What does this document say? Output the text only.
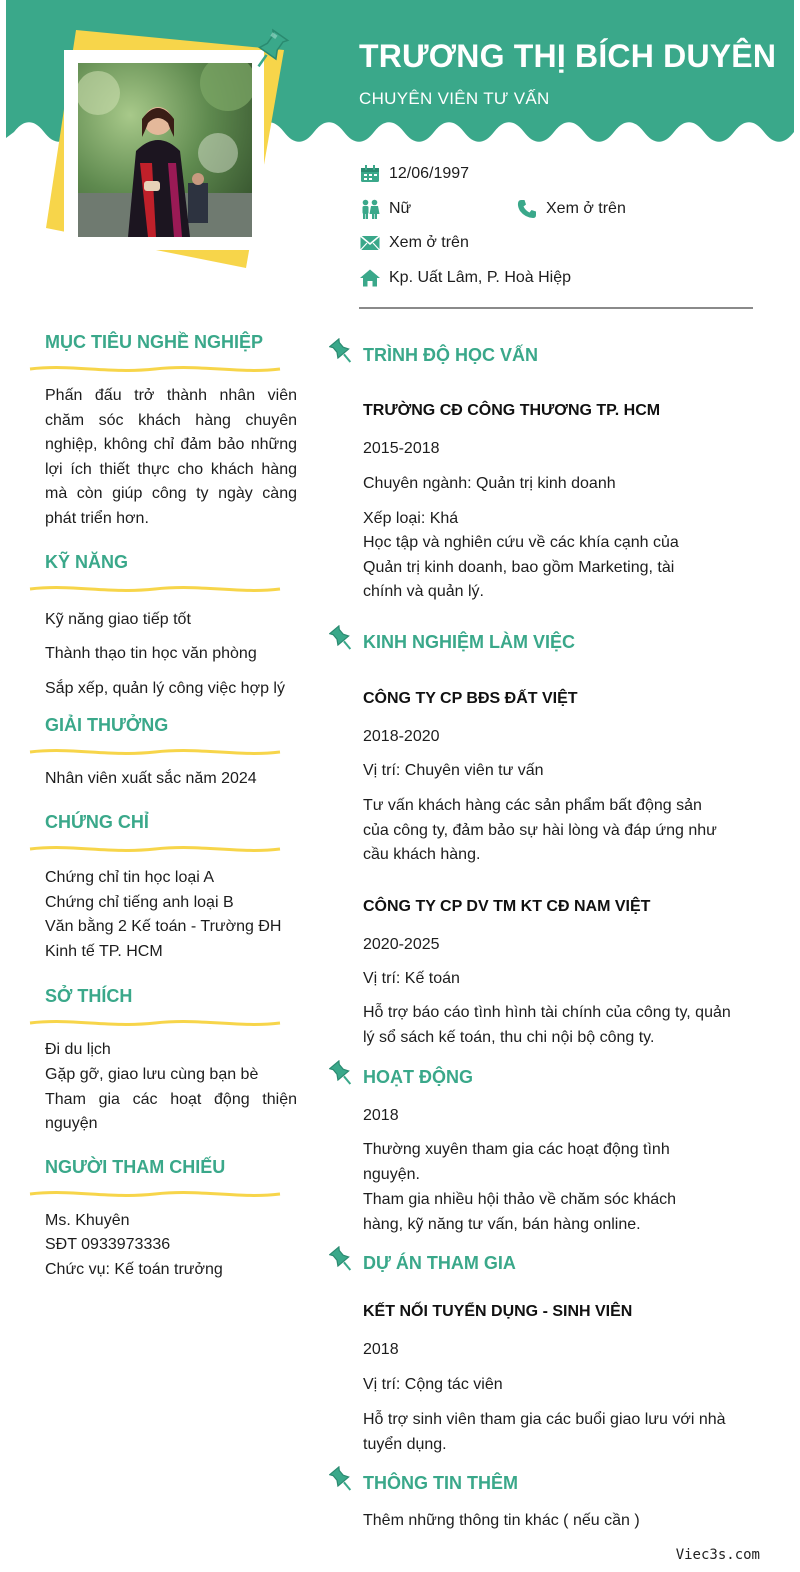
TRƯƠNG THỊ BÍCH DUYÊN
CHUYÊN VIÊN TƯ VẤN
12/06/1997
Nữ	Xem ở trên
Xem ở trên
Kp. Uất Lâm, P. Hoà Hiệp
MỤC TIÊU NGHỀ NGHIỆP

Phấn đấu trở thành nhân viên chăm sóc khách hàng chuyên nghiệp, không chỉ đảm bảo những lợi ích thiết thực cho khách hàng mà còn giúp công ty ngày càng phát triển hơn.

KỸ NĂNG
Kỹ năng giao tiếp tốt
Thành thạo tin học văn phòng
Sắp xếp, quản lý công việc hợp lý
GIẢI THƯỞNG
Nhân viên xuất sắc năm 2024
CHỨNG CHỈ
Chứng chỉ tin học loại A
Chứng chỉ tiếng anh loại B
Văn bằng 2 Kế toán - Trường ĐH Kinh tế TP. HCM
SỞ THÍCH
Đi du lịch
Gặp gỡ, giao lưu cùng bạn bè
Tham gia các hoạt động thiện nguyện
NGƯỜI THAM CHIẾU
Ms. Khuyên
SĐT 0933973336
Chức vụ: Kế toán trưởng
TRÌNH ĐỘ HỌC VẤN
TRƯỜNG CĐ CÔNG THƯƠNG TP. HCM
2015-2018
Chuyên ngành: Quản trị kinh doanh
Xếp loại: Khá
Học tập và nghiên cứu về các khía cạnh của Quản trị kinh doanh, bao gồm Marketing, tài chính và quản lý.
KINH NGHIỆM LÀM VIỆC
CÔNG TY CP BĐS ĐẤT VIỆT
2018-2020
Vị trí: Chuyên viên tư vấn
Tư vấn khách hàng các sản phẩm bất động sản của công ty, đảm bảo sự hài lòng và đáp ứng như cầu khách hàng.
CÔNG TY CP DV TM KT CĐ NAM VIỆT
2020-2025
Vị trí: Kế toán
Hỗ trợ báo cáo tình hình tài chính của công ty, quản lý sổ sách kế toán, thu chi nội bộ công ty.
HOẠT ĐỘNG
2018
Thường xuyên tham gia các hoạt động tình nguyện.
Tham gia nhiều hội thảo về chăm sóc khách hàng, kỹ năng tư vấn, bán hàng online.
DỰ ÁN THAM GIA
KẾT NỐI TUYỂN DỤNG - SINH VIÊN
2018
Vị trí: Cộng tác viên
Hỗ trợ sinh viên tham gia các buổi giao lưu với nhà tuyển dụng.
THÔNG TIN THÊM
Thêm những thông tin khác ( nếu cần )
Viec3s.com
